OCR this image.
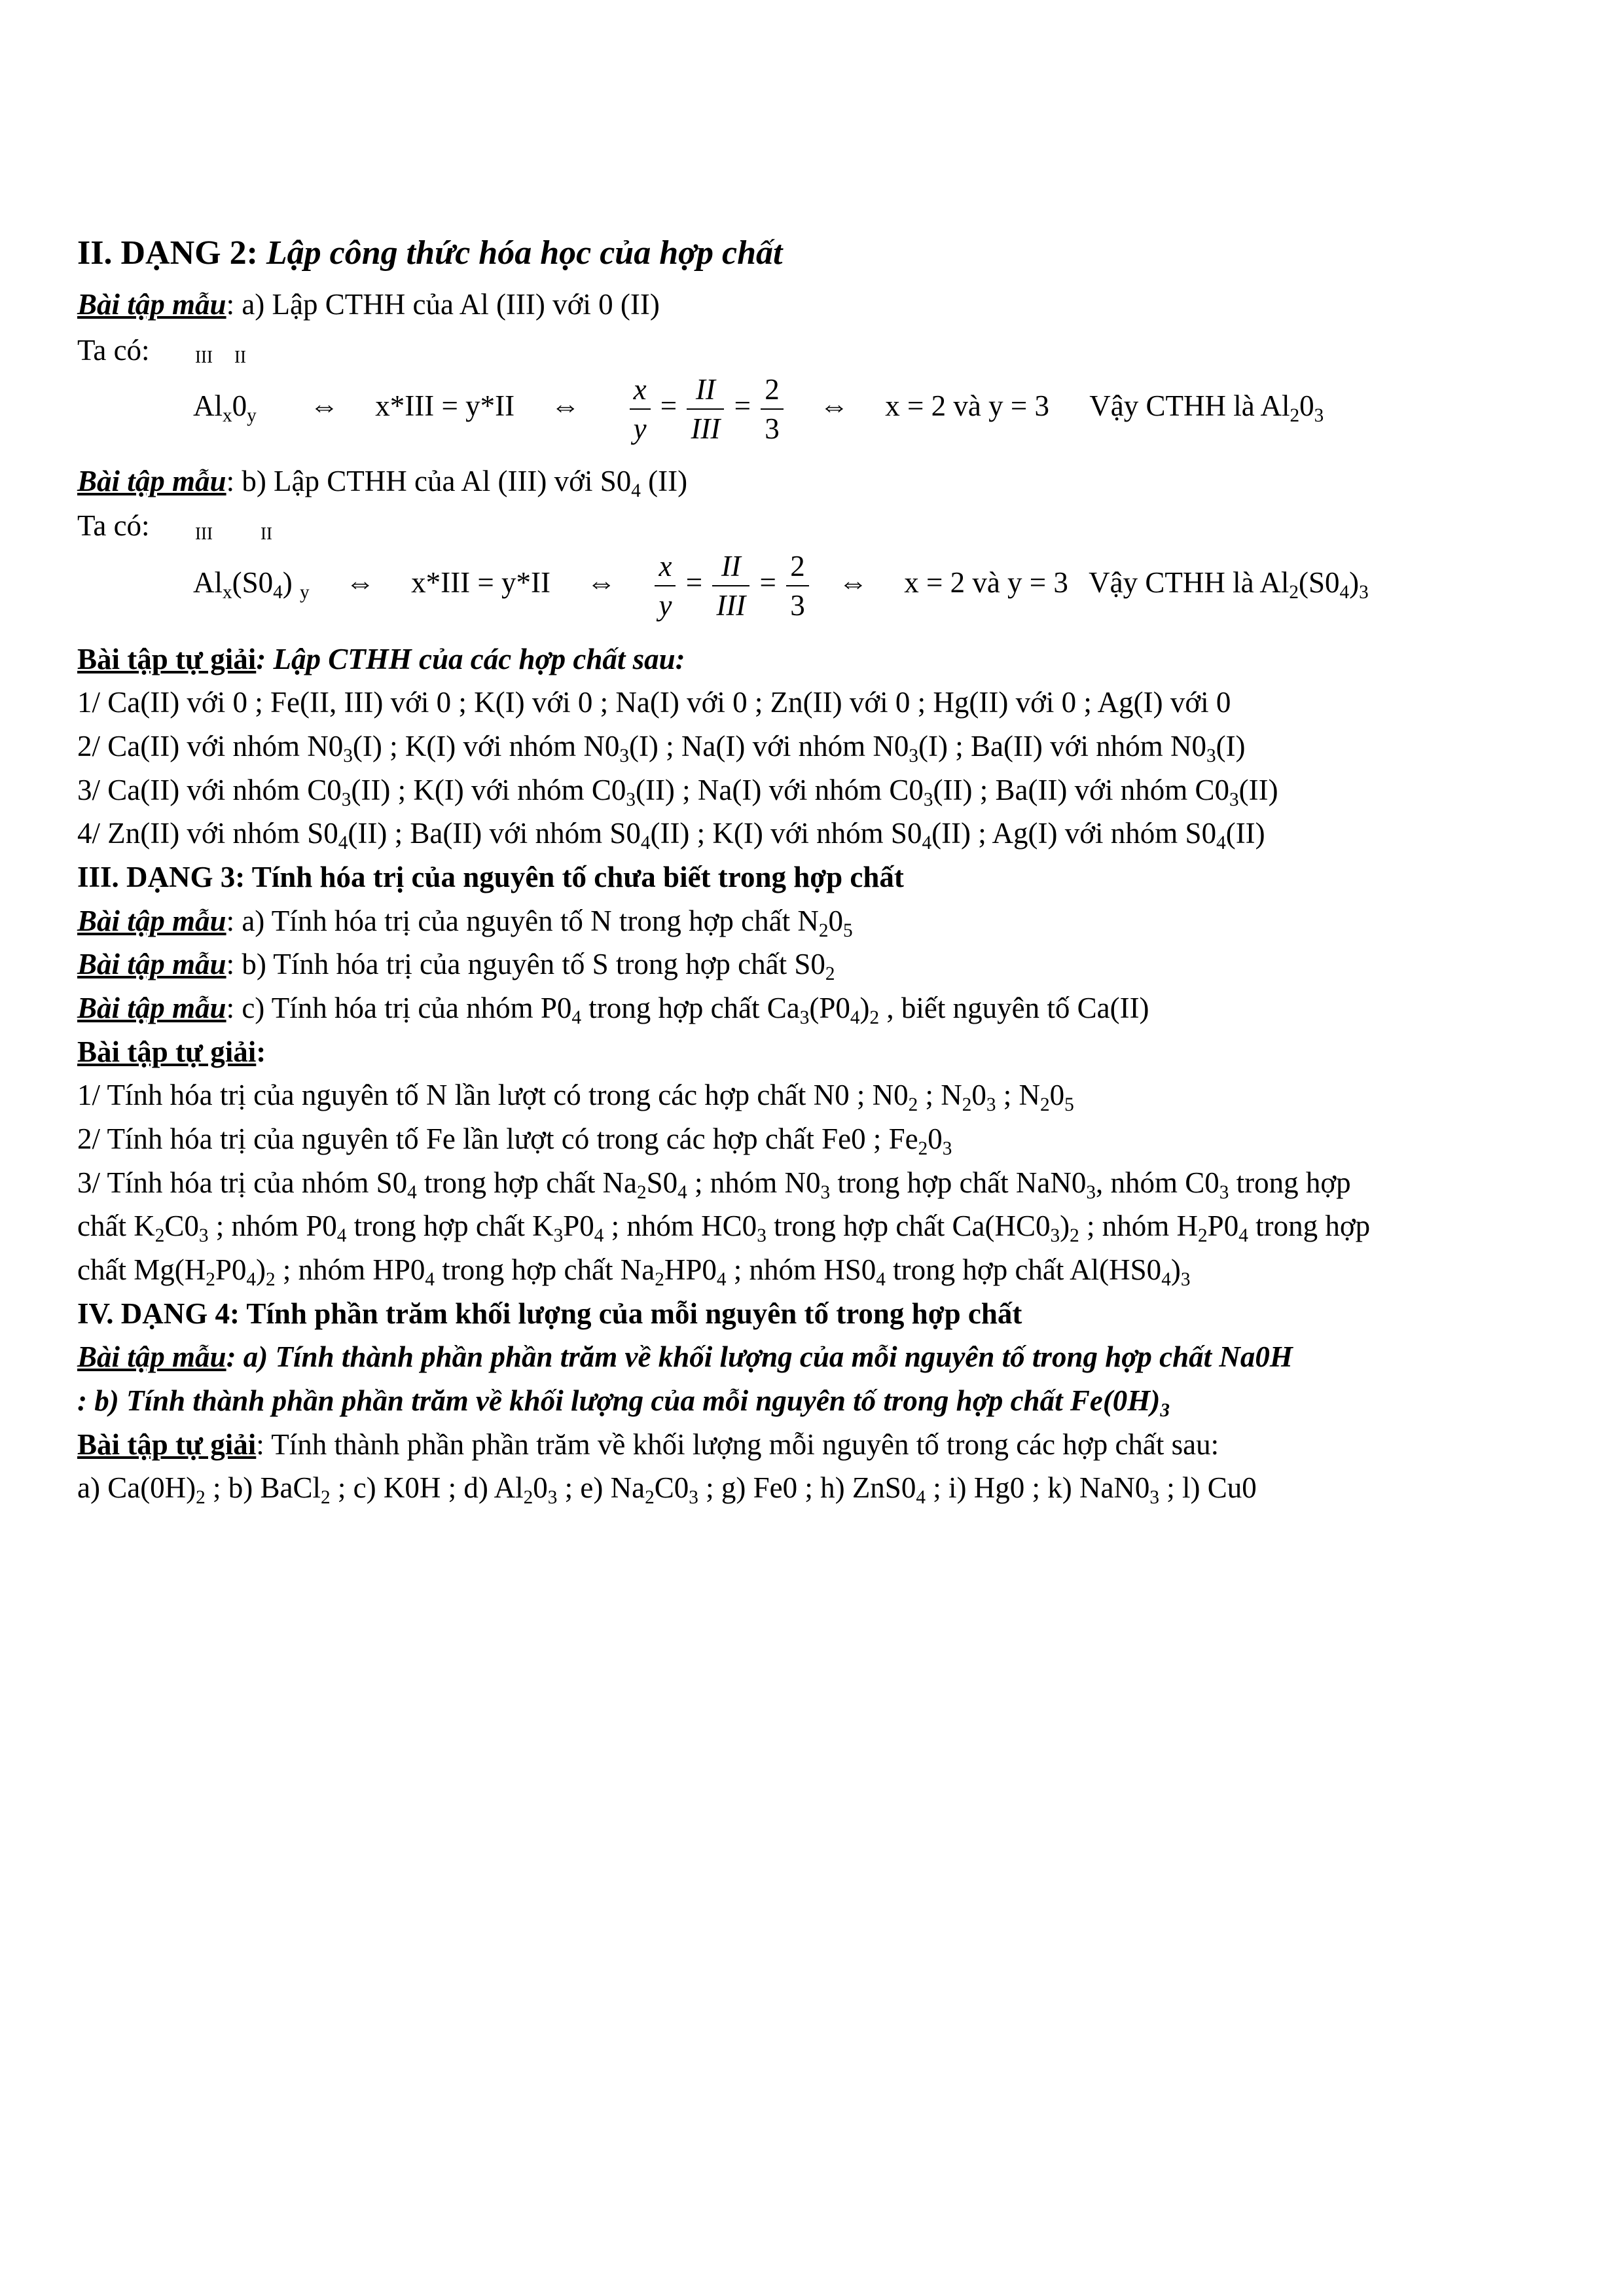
II. DẠNG 2: Lập công thức hóa học của hợp chất
Bài tập mẫu: a) Lập CTHH của Al (III) với 0 (II)
Ta có:	III II
$Al_x0_y$ ⇔ x*III = y*II ⇔ $\frac{x}{y} = \frac{II}{\text{III}} = \frac{2}{3}$ ⇔ x = 2 và y = 3 Vậy CTHH là $Al_20_3$
Bài tập mẫu: b) Lập CTHH của Al (III) với $S0_4$ (II)
Ta có:	III	II
$Al_x(S0_4)$ $_y$ ⇔ x*III = y*II ⇔ $\frac{x}{y} = \frac{II}{\text{III}} = \frac{2}{3}$ ⇔ x = 2 và y = 3 Vậy CTHH là $Al_2(S0_4)_3$
Bài tập tự giải: Lập CTHH của các hợp chất sau:
1/ Ca(II) với 0 ; Fe(II, III) với 0 ; K(I) với 0 ; Na(I) với 0 ; Zn(II) với 0 ; Hg(II) với 0 ; Ag(I) với 0
2/ Ca(II) với nhóm $N0_3(I)$ ; K(I) với nhóm $N0_3(I)$ ; Na(I) với nhóm $N0_3(I)$ ; Ba(II) với nhóm $N0_3(I)$
3/ Ca(II) với nhóm $C0_3(II)$ ; K(I) với nhóm $C0_3(II)$ ; Na(I) với nhóm $C0_3(II)$ ; Ba(II) với nhóm $C0_3(II)$
4/ Zn(II) với nhóm $S0_4(II)$ ; Ba(II) với nhóm $S0_4(II)$ ; K(I) với nhóm $S0_4(II)$ ; Ag(I) với nhóm $S0_4(II)$
III. DẠNG 3: Tính hóa trị của nguyên tố chưa biết trong hợp chất
Bài tập mẫu: a) Tính hóa trị của nguyên tố N trong hợp chất $N_20_5$
Bài tập mẫu: b) Tính hóa trị của nguyên tố S trong hợp chất $S0_2$
Bài tập mẫu: c) Tính hóa trị của nhóm $P0_4$ trong hợp chất $Ca_3(P0_4)_2$ , biết nguyên tố Ca(II)
Bài tập tự giải:
1/ Tính hóa trị của nguyên tố N lần lượt có trong các hợp chất N0 ; $N0_2$ ; $N_20_3$ ; $N_20_5$
2/ Tính hóa trị của nguyên tố Fe lần lượt có trong các hợp chất Fe0 ; $Fe_20_3$
3/ Tính hóa trị của nhóm $S0_4$ trong hợp chất $Na_2S0_4$ ; nhóm $N0_3$ trong hợp chất $NaN0_3$, nhóm $C0_3$ trong hợp
chất $K_2C0_3$ ; nhóm $P0_4$ trong hợp chất $K_3P0_4$ ; nhóm $HC0_3$ trong hợp chất $Ca(HC0_3)_2$ ; nhóm $H_2P0_4$ trong hợp
chất $Mg(H_2P0_4)_2$ ; nhóm $HP0_4$ trong hợp chất $Na_2HP0_4$ ; nhóm $HS0_4$ trong hợp chất $Al(HS0_4)_3$
IV. DẠNG 4: Tính phần trăm khối lượng của mỗi nguyên tố trong hợp chất
Bài tập mẫu: a) Tính thành phần phần trăm về khối lượng của mỗi nguyên tố trong hợp chất Na0H
: b) Tính thành phần phần trăm về khối lượng của mỗi nguyên tố trong hợp chất $Fe(0H)_3$
Bài tập tự giải: Tính thành phần phần trăm về khối lượng mỗi nguyên tố trong các hợp chất sau:
a) $Ca(0H)_2$ ; b) BaCl$_2$ ; c) K0H ; d) $Al_20_3$ ; e) $Na_2C0_3$ ; g) Fe0 ; h) $ZnS0_4$ ; i) Hg0 ; k) $NaN0_3$ ; l) Cu0
